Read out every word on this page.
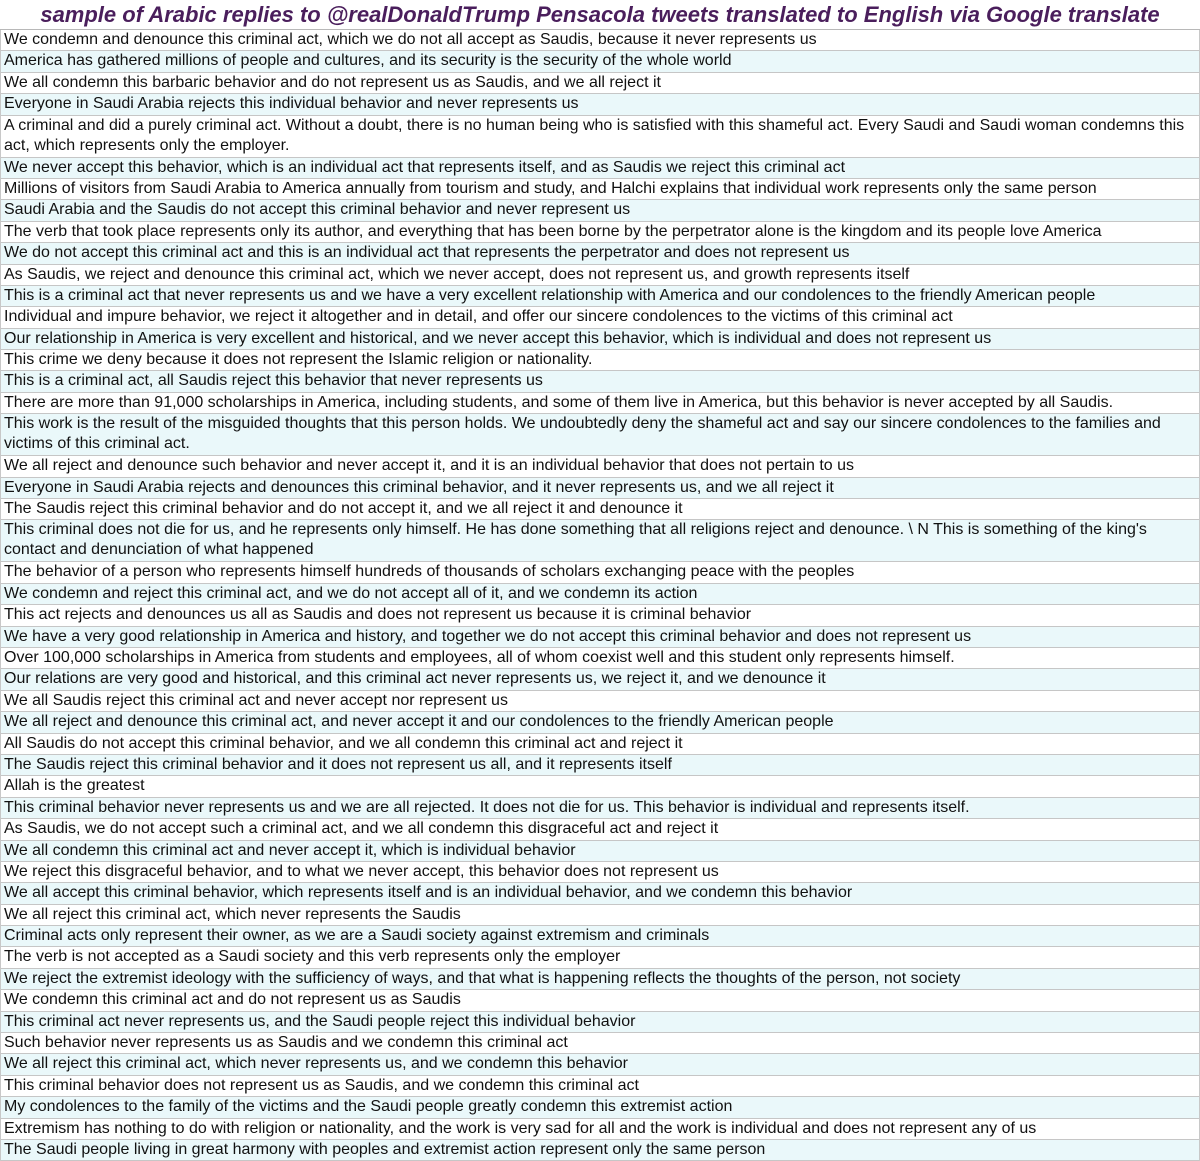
sample of Arabic replies to @realDonaldTrump Pensacola tweets translated to English via Google translate
We condemn and denounce this criminal act, which we do not all accept as Saudis, because it never represents us
America has gathered millions of people and cultures, and its security is the security of the whole world
We all condemn this barbaric behavior and do not represent us as Saudis, and we all reject it
Everyone in Saudi Arabia rejects this individual behavior and never represents us
A criminal and did a purely criminal act. Without a doubt, there is no human being who is satisfied with this shameful act. Every Saudi and Saudi woman condemns this act, which represents only the employer.
We never accept this behavior, which is an individual act that represents itself, and as Saudis we reject this criminal act
Millions of visitors from Saudi Arabia to America annually from tourism and study, and Halchi explains that individual work represents only the same person
Saudi Arabia and the Saudis do not accept this criminal behavior and never represent us
The verb that took place represents only its author, and everything that has been borne by the perpetrator alone is the kingdom and its people love America
We do not accept this criminal act and this is an individual act that represents the perpetrator and does not represent us
As Saudis, we reject and denounce this criminal act, which we never accept, does not represent us, and growth represents itself
This is a criminal act that never represents us and we have a very excellent relationship with America and our condolences to the friendly American people
Individual and impure behavior, we reject it altogether and in detail, and offer our sincere condolences to the victims of this criminal act
Our relationship in America is very excellent and historical, and we never accept this behavior, which is individual and does not represent us
This crime we deny because it does not represent the Islamic religion or nationality.
This is a criminal act, all Saudis reject this behavior that never represents us
There are more than 91,000 scholarships in America, including students, and some of them live in America, but this behavior is never accepted by all Saudis.
This work is the result of the misguided thoughts that this person holds. We undoubtedly deny the shameful act and say our sincere condolences to the families and victims of this criminal act.
We all reject and denounce such behavior and never accept it, and it is an individual behavior that does not pertain to us
Everyone in Saudi Arabia rejects and denounces this criminal behavior, and it never represents us, and we all reject it
The Saudis reject this criminal behavior and do not accept it, and we all reject it and denounce it
This criminal does not die for us, and he represents only himself. He has done something that all religions reject and denounce. \ N This is something of the king's contact and denunciation of what happened
The behavior of a person who represents himself hundreds of thousands of scholars exchanging peace with the peoples
We condemn and reject this criminal act, and we do not accept all of it, and we condemn its action
This act rejects and denounces us all as Saudis and does not represent us because it is criminal behavior
We have a very good relationship in America and history, and together we do not accept this criminal behavior and does not represent us
Over 100,000 scholarships in America from students and employees, all of whom coexist well and this student only represents himself.
Our relations are very good and historical, and this criminal act never represents us, we reject it, and we denounce it
We all Saudis reject this criminal act and never accept nor represent us
We all reject and denounce this criminal act, and never accept it and our condolences to the friendly American people
All Saudis do not accept this criminal behavior, and we all condemn this criminal act and reject it
The Saudis reject this criminal behavior and it does not represent us all, and it represents itself
Allah is the greatest
This criminal behavior never represents us and we are all rejected. It does not die for us. This behavior is individual and represents itself.
As Saudis, we do not accept such a criminal act, and we all condemn this disgraceful act and reject it
We all condemn this criminal act and never accept it, which is individual behavior
We reject this disgraceful behavior, and to what we never accept, this behavior does not represent us
We all accept this criminal behavior, which represents itself and is an individual behavior, and we condemn this behavior
We all reject this criminal act, which never represents the Saudis
Criminal acts only represent their owner, as we are a Saudi society against extremism and criminals
The verb is not accepted as a Saudi society and this verb represents only the employer
We reject the extremist ideology with the sufficiency of ways, and that what is happening reflects the thoughts of the person, not society
We condemn this criminal act and do not represent us as Saudis
This criminal act never represents us, and the Saudi people reject this individual behavior
Such behavior never represents us as Saudis and we condemn this criminal act
We all reject this criminal act, which never represents us, and we condemn this behavior
This criminal behavior does not represent us as Saudis, and we condemn this criminal act
My condolences to the family of the victims and the Saudi people greatly condemn this extremist action
Extremism has nothing to do with religion or nationality, and the work is very sad for all and the work is individual and does not represent any of us
The Saudi people living in great harmony with peoples and extremist action represent only the same person
